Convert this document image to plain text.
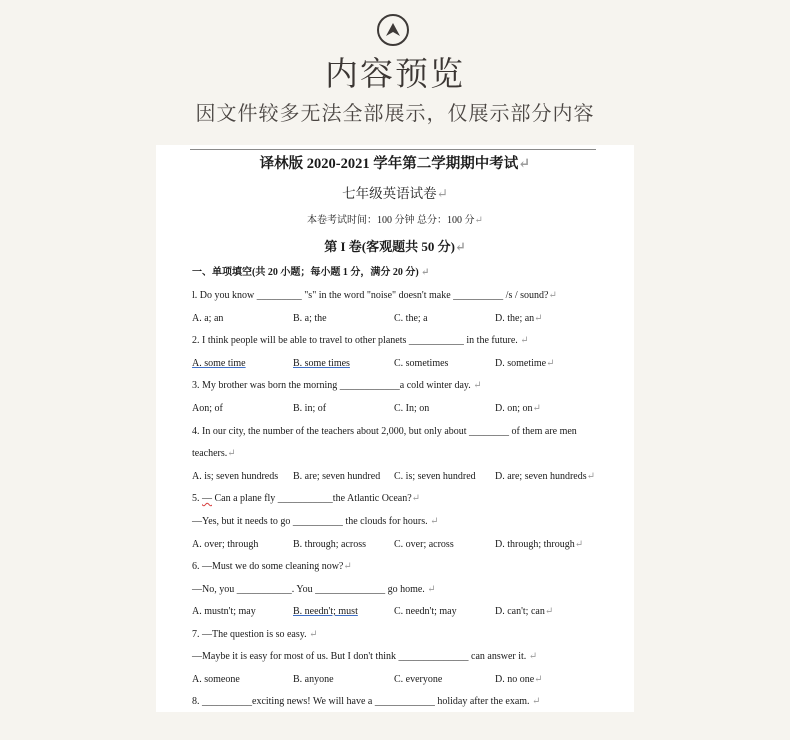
内容预览
因文件较多无法全部展示，仅展示部分内容
译林版 2020-2021 学年第二学期期中考试↵
七年级英语试卷↵
本卷考试时间：100 分钟 总分：100 分↵
第 I 卷(客观题共 50 分)↵
一、单项填空(共 20 小题；每小题 1 分，满分 20 分) ↵
l. Do you know _________ "s" in the word "noise" doesn't make __________ /s / sound?↵
A. a; an	B. a; the	C. the; a	D. the; an↵
2. I think people will be able to travel to other planets ___________ in the future. ↵
A. some time	B. some times	C. sometimes	D. sometime↵
3. My brother was born the morning ____________a cold winter day. ↵
Aon; of	B. in; of	C. In; on	D. on; on↵
4. In our city, the number of the teachers about 2,000, but only about ________ of them are men
teachers.↵
A. is; seven hundreds B. are; seven hundred C. is; seven hundred D. are; seven hundreds↵
5. — Can a plane fly ___________the Atlantic Ocean?↵
—Yes, but it needs to go __________ the clouds for hours. ↵
A. over; through	B. through; across	C. over; across	D. through; through↵
6. —Must we do some cleaning now?↵
—No, you ___________. You ______________ go home. ↵
A. mustn't; may	B. needn't; must	C. needn't; may	D. can't; can↵
7. —The question is so easy. ↵
—Maybe it is easy for most of us. But I don't think ______________ can answer it. ↵
A. someone	B. anyone	C. everyone	D. no one↵
8. __________exciting news! We will have a ____________ holiday after the exam. ↵
